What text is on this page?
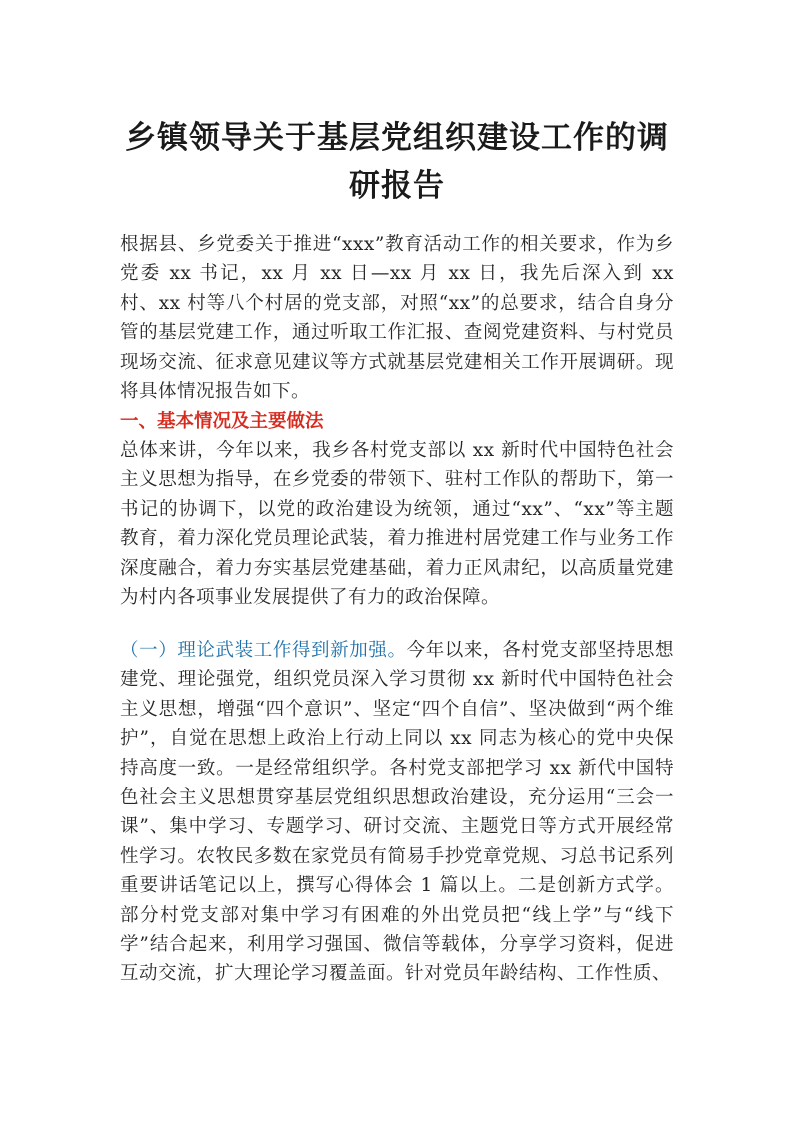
乡镇领导关于基层党组织建设工作的调研报告

根据县、乡党委关于推进“xxx”教育活动工作的相关要求，作为乡党委 xx 书记，xx 月 xx 日—xx 月 xx 日，我先后深入到 xx 村、xx 村等八个村居的党支部，对照“xx”的总要求，结合自身分管的基层党建工作，通过听取工作汇报、查阅党建资料、与村党员现场交流、征求意见建议等方式就基层党建相关工作开展调研。现将具体情况报告如下。

一、基本情况及主要做法

总体来讲，今年以来，我乡各村党支部以 xx 新时代中国特色社会主义思想为指导，在乡党委的带领下、驻村工作队的帮助下，第一书记的协调下，以党的政治建设为统领，通过“xx”、“xx”等主题教育，着力深化党员理论武装，着力推进村居党建工作与业务工作深度融合，着力夯实基层党建基础，着力正风肃纪，以高质量党建为村内各项事业发展提供了有力的政治保障。

（一）理论武装工作得到新加强。今年以来，各村党支部坚持思想建党、理论强党，组织党员深入学习贯彻 xx 新时代中国特色社会主义思想，增强“四个意识”、坚定“四个自信”、坚决做到“两个维护”，自觉在思想上政治上行动上同以 xx 同志为核心的党中央保持高度一致。一是经常组织学。各村党支部把学习 xx 新代中国特色社会主义思想贯穿基层党组织思想政治建设，充分运用“三会一课”、集中学习、专题学习、研讨交流、主题党日等方式开展经常性学习。农牧民多数在家党员有简易手抄党章党规、习总书记系列重要讲话笔记以上，撰写心得体会 1 篇以上。二是创新方式学。部分村党支部对集中学习有困难的外出党员把“线上学”与“线下学”结合起来，利用学习强国、微信等载体，分享学习资料，促进互动交流，扩大理论学习覆盖面。针对党员年龄结构、工作性质、
